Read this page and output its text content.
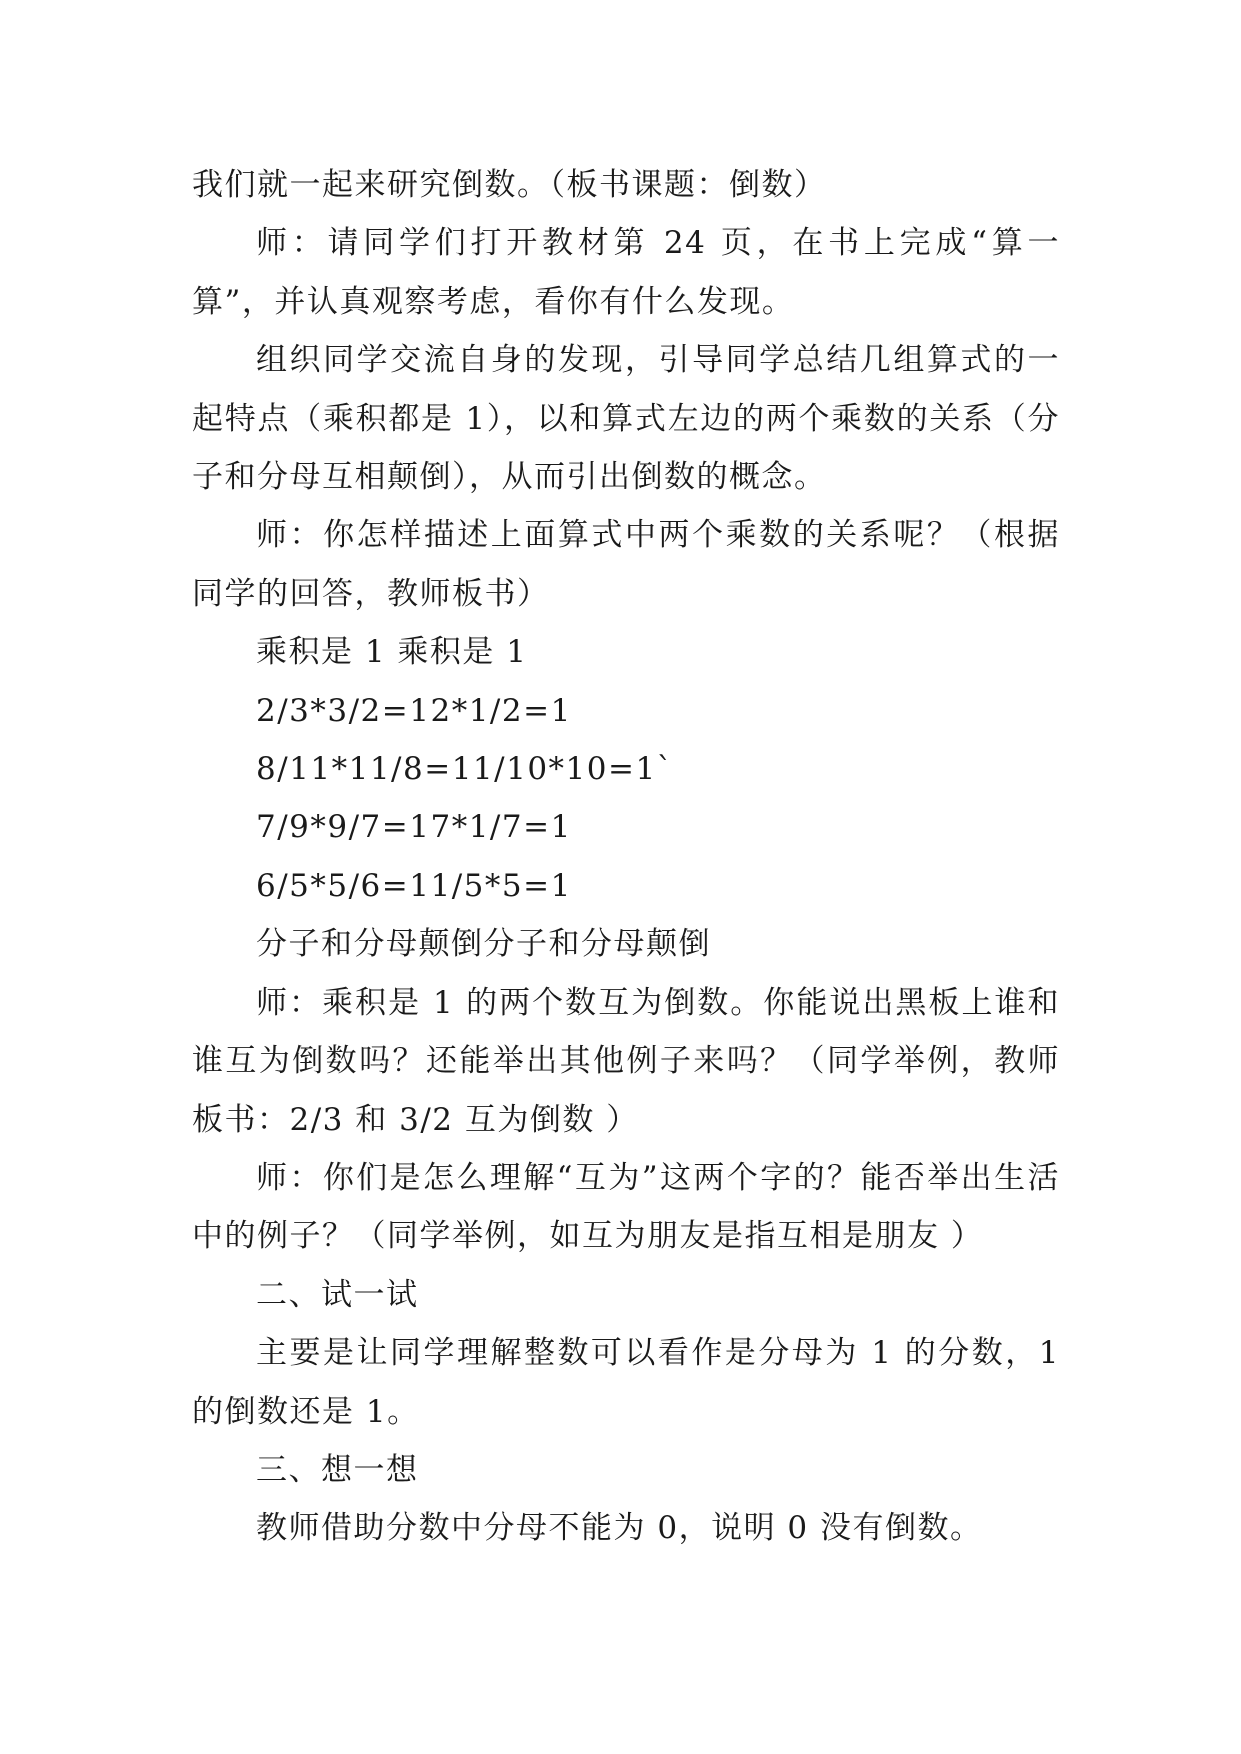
我们就一起来研究倒数。（板书课题：倒数）

师：请同学们打开教材第 24 页，在书上完成“算一算”，并认真观察考虑，看你有什么发现。

组织同学交流自身的发现，引导同学总结几组算式的一起特点（乘积都是 1），以和算式左边的两个乘数的关系（分子和分母互相颠倒），从而引出倒数的概念。

师：你怎样描述上面算式中两个乘数的关系呢？（根据同学的回答，教师板书）

乘积是 1 乘积是 1

2/3*3/2=12*1/2=1

8/11*11/8=11/10*10=1`

7/9*9/7=17*1/7=1

6/5*5/6=11/5*5=1

分子和分母颠倒分子和分母颠倒

师：乘积是 1 的两个数互为倒数。你能说出黑板上谁和谁互为倒数吗？还能举出其他例子来吗？（同学举例，教师板书：2/3 和 3/2 互为倒数 ）

师：你们是怎么理解“互为”这两个字的？能否举出生活中的例子？（同学举例，如互为朋友是指互相是朋友 ）

二、试一试

主要是让同学理解整数可以看作是分母为 1 的分数，1 的倒数还是 1。

三、想一想

教师借助分数中分母不能为 0，说明 0 没有倒数。
